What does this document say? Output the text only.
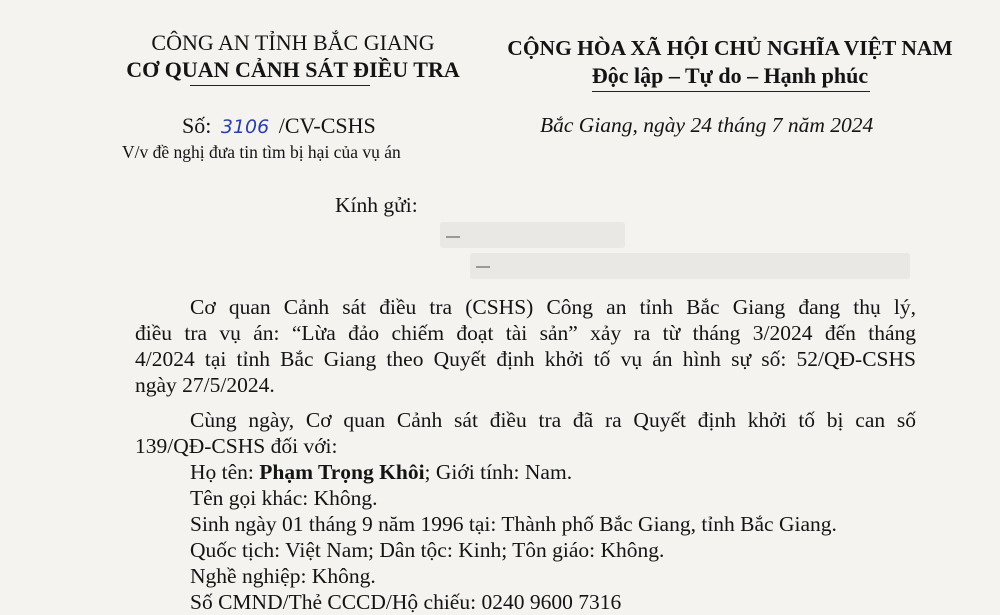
CÔNG AN TỈNH BẮC GIANG
CƠ QUAN CẢNH SÁT ĐIỀU TRA
Số: 3106 /CV-CSHS
V/v đề nghị đưa tin tìm bị hại của vụ án
CỘNG HÒA XÃ HỘI CHỦ NGHĨA VIỆT NAM
Độc lập – Tự do – Hạnh phúc
Bắc Giang, ngày 24 tháng 7 năm 2024
Kính gửi:
Cơ quan Cảnh sát điều tra (CSHS) Công an tỉnh Bắc Giang đang thụ lý,
điều tra vụ án: “Lừa đảo chiếm đoạt tài sản” xảy ra từ tháng 3/2024 đến tháng
4/2024 tại tỉnh Bắc Giang theo Quyết định khởi tố vụ án hình sự số: 52/QĐ-CSHS
ngày 27/5/2024.
Cùng ngày, Cơ quan Cảnh sát điều tra đã ra Quyết định khởi tố bị can số
139/QĐ-CSHS đối với:
Họ tên: Phạm Trọng Khôi; Giới tính: Nam.
Tên gọi khác: Không.
Sinh ngày 01 tháng 9 năm 1996 tại: Thành phố Bắc Giang, tỉnh Bắc Giang.
Quốc tịch: Việt Nam; Dân tộc: Kinh; Tôn giáo: Không.
Nghề nghiệp: Không.
Số CMND/Thẻ CCCD/Hộ chiếu: 0240 9600 7316
